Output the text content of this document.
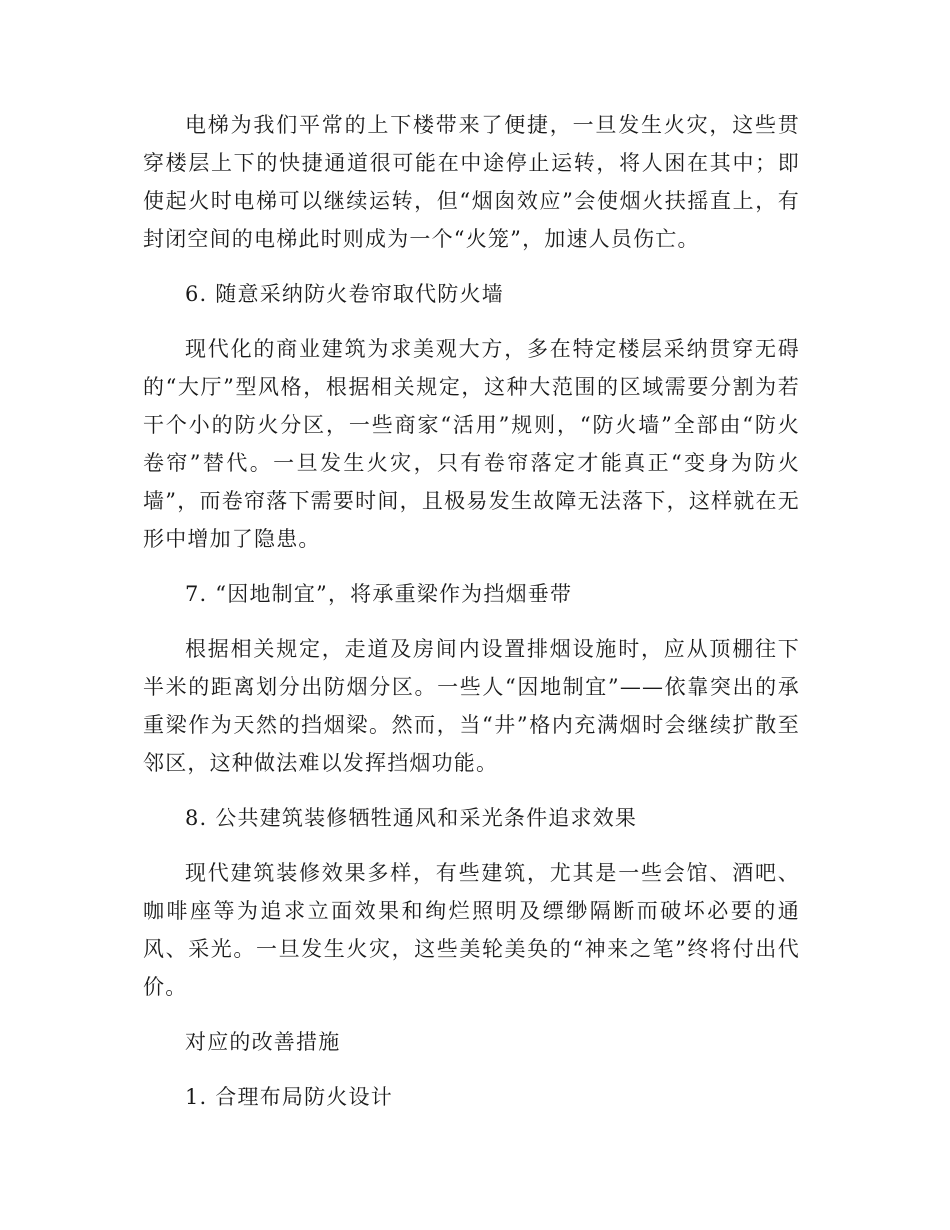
电梯为我们平常的上下楼带来了便捷，一旦发生火灾，这些贯穿楼层上下的快捷通道很可能在中途停止运转，将人困在其中；即使起火时电梯可以继续运转，但“烟囱效应”会使烟火扶摇直上，有封闭空间的电梯此时则成为一个“火笼”，加速人员伤亡。

6. 随意采纳防火卷帘取代防火墙

现代化的商业建筑为求美观大方，多在特定楼层采纳贯穿无碍的“大厅”型风格，根据相关规定，这种大范围的区域需要分割为若干个小的防火分区，一些商家“活用”规则，“防火墙”全部由“防火卷帘”替代。一旦发生火灾，只有卷帘落定才能真正“变身为防火墙”，而卷帘落下需要时间，且极易发生故障无法落下，这样就在无形中增加了隐患。

7. “因地制宜”，将承重梁作为挡烟垂带

根据相关规定，走道及房间内设置排烟设施时，应从顶棚往下半米的距离划分出防烟分区。一些人“因地制宜”——依靠突出的承重梁作为天然的挡烟梁。然而，当“井”格内充满烟时会继续扩散至邻区，这种做法难以发挥挡烟功能。

8. 公共建筑装修牺牲通风和采光条件追求效果

现代建筑装修效果多样，有些建筑，尤其是一些会馆、酒吧、咖啡座等为追求立面效果和绚烂照明及缥缈隔断而破坏必要的通风、采光。一旦发生火灾，这些美轮美奂的“神来之笔”终将付出代价。

对应的改善措施

1. 合理布局防火设计
